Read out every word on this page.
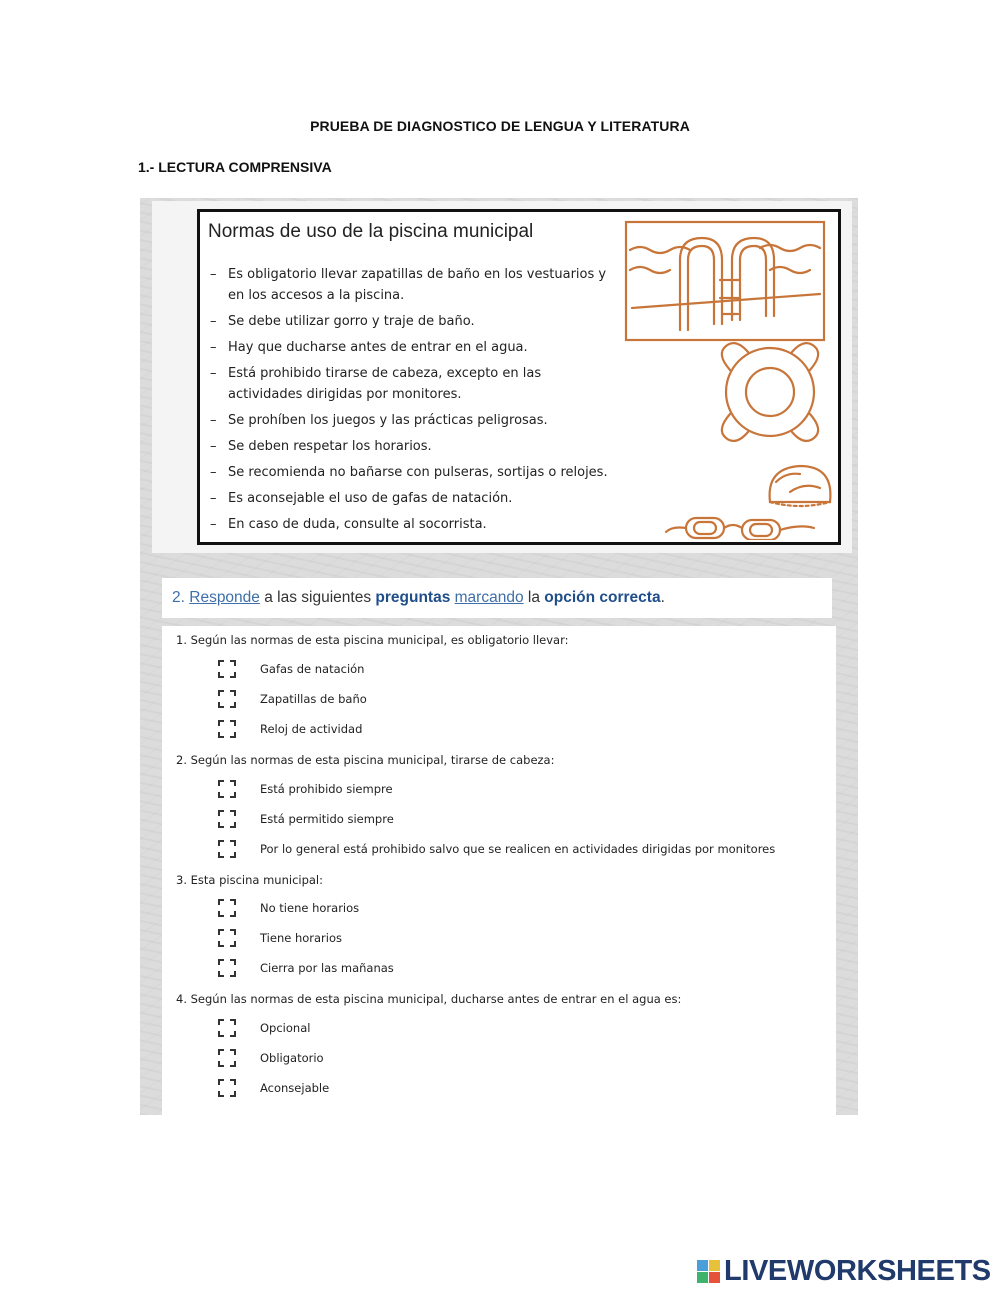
PRUEBA DE DIAGNOSTICO DE LENGUA Y LITERATURA
1.- LECTURA COMPRENSIVA
Normas de uso de la piscina municipal
– Es obligatorio llevar zapatillas de baño en los vestuarios y en los accesos a la piscina.
– Se debe utilizar gorro y traje de baño.
– Hay que ducharse antes de entrar en el agua.
– Está prohibido tirarse de cabeza, excepto en las actividades dirigidas por monitores.
– Se prohíben los juegos y las prácticas peligrosas.
– Se deben respetar los horarios.
– Se recomienda no bañarse con pulseras, sortijas o relojes.
– Es aconsejable el uso de gafas de natación.
– En caso de duda, consulte al socorrista.
2. Responde a las siguientes preguntas marcando la opción correcta.
1. Según las normas de esta piscina municipal, es obligatorio llevar:
Gafas de natación
Zapatillas de baño
Reloj de actividad
2. Según las normas de esta piscina municipal, tirarse de cabeza:
Está prohibido siempre
Está permitido siempre
Por lo general está prohibido salvo que se realicen en actividades dirigidas por monitores
3. Esta piscina municipal:
No tiene horarios
Tiene horarios
Cierra por las mañanas
4. Según las normas de esta piscina municipal, ducharse antes de entrar en el agua es:
Opcional
Obligatorio
Aconsejable
LIVEWORKSHEETS
